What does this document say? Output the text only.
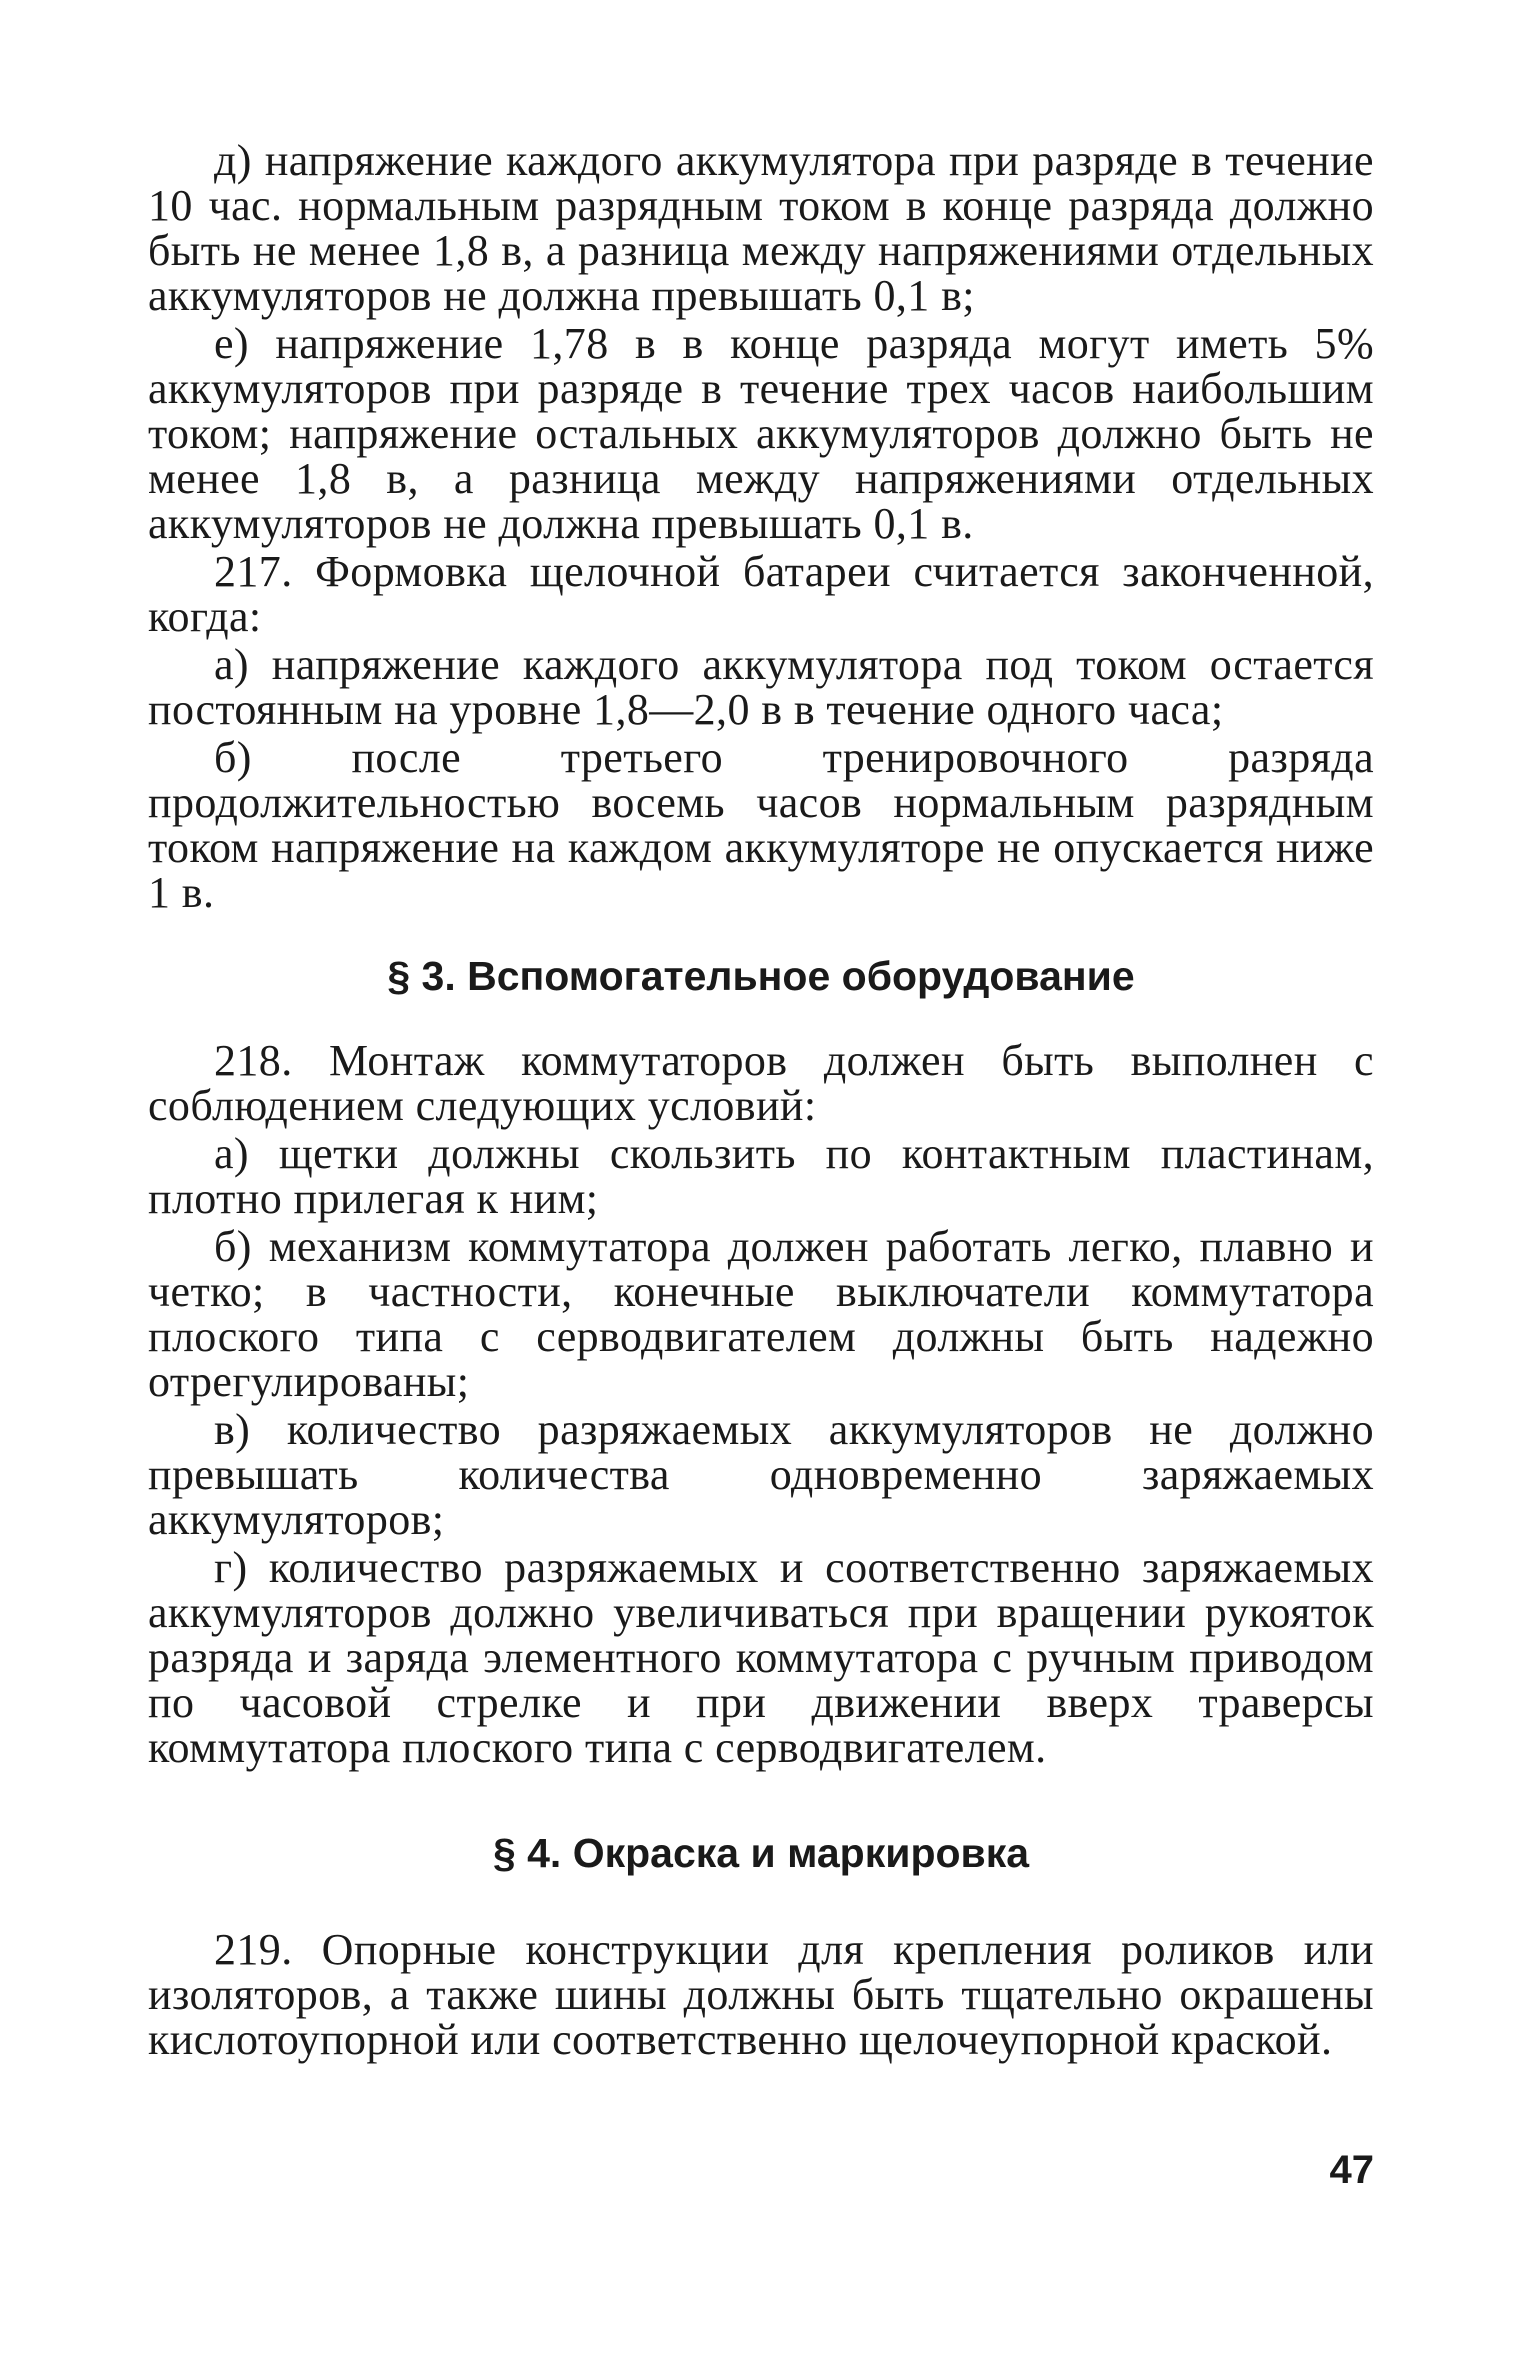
д) напряжение каждого аккумулятора при разряде в течение 10 час. нормальным разрядным током в конце разряда должно быть не менее 1,8 в, а разница между напряжениями отдельных аккумуляторов не должна превышать 0,1 в;

е) напряжение 1,78 в в конце разряда могут иметь 5% аккумуляторов при разряде в течение трех часов наибольшим током; напряжение остальных аккумуляторов должно быть не менее 1,8 в, а разница между напряжениями отдельных аккумуляторов не должна превышать 0,1 в.

217. Формовка щелочной батареи считается законченной, когда:

а) напряжение каждого аккумулятора под током остается постоянным на уровне 1,8—2,0 в в течение одного часа;

б) после третьего тренировочного разряда продолжительностью восемь часов нормальным разрядным током напряжение на каждом аккумуляторе не опускается ниже 1 в.

§ 3. Вспомогательное оборудование

218. Монтаж коммутаторов должен быть выполнен с соблюдением следующих условий:

а) щетки должны скользить по контактным пластинам, плотно прилегая к ним;

б) механизм коммутатора должен работать легко, плавно и четко; в частности, конечные выключатели коммутатора плоского типа с серводвигателем должны быть надежно отрегулированы;

в) количество разряжаемых аккумуляторов не должно превышать количества одновременно заряжаемых аккумуляторов;

г) количество разряжаемых и соответственно заряжаемых аккумуляторов должно увеличиваться при вращении рукояток разряда и заряда элементного коммутатора с ручным приводом по часовой стрелке и при движении вверх траверсы коммутатора плоского типа с серводвигателем.

§ 4. Окраска и маркировка

219. Опорные конструкции для крепления роликов или изоляторов, а также шины должны быть тщательно окрашены кислотоупорной или соответственно щелочеупорной краской.

47
